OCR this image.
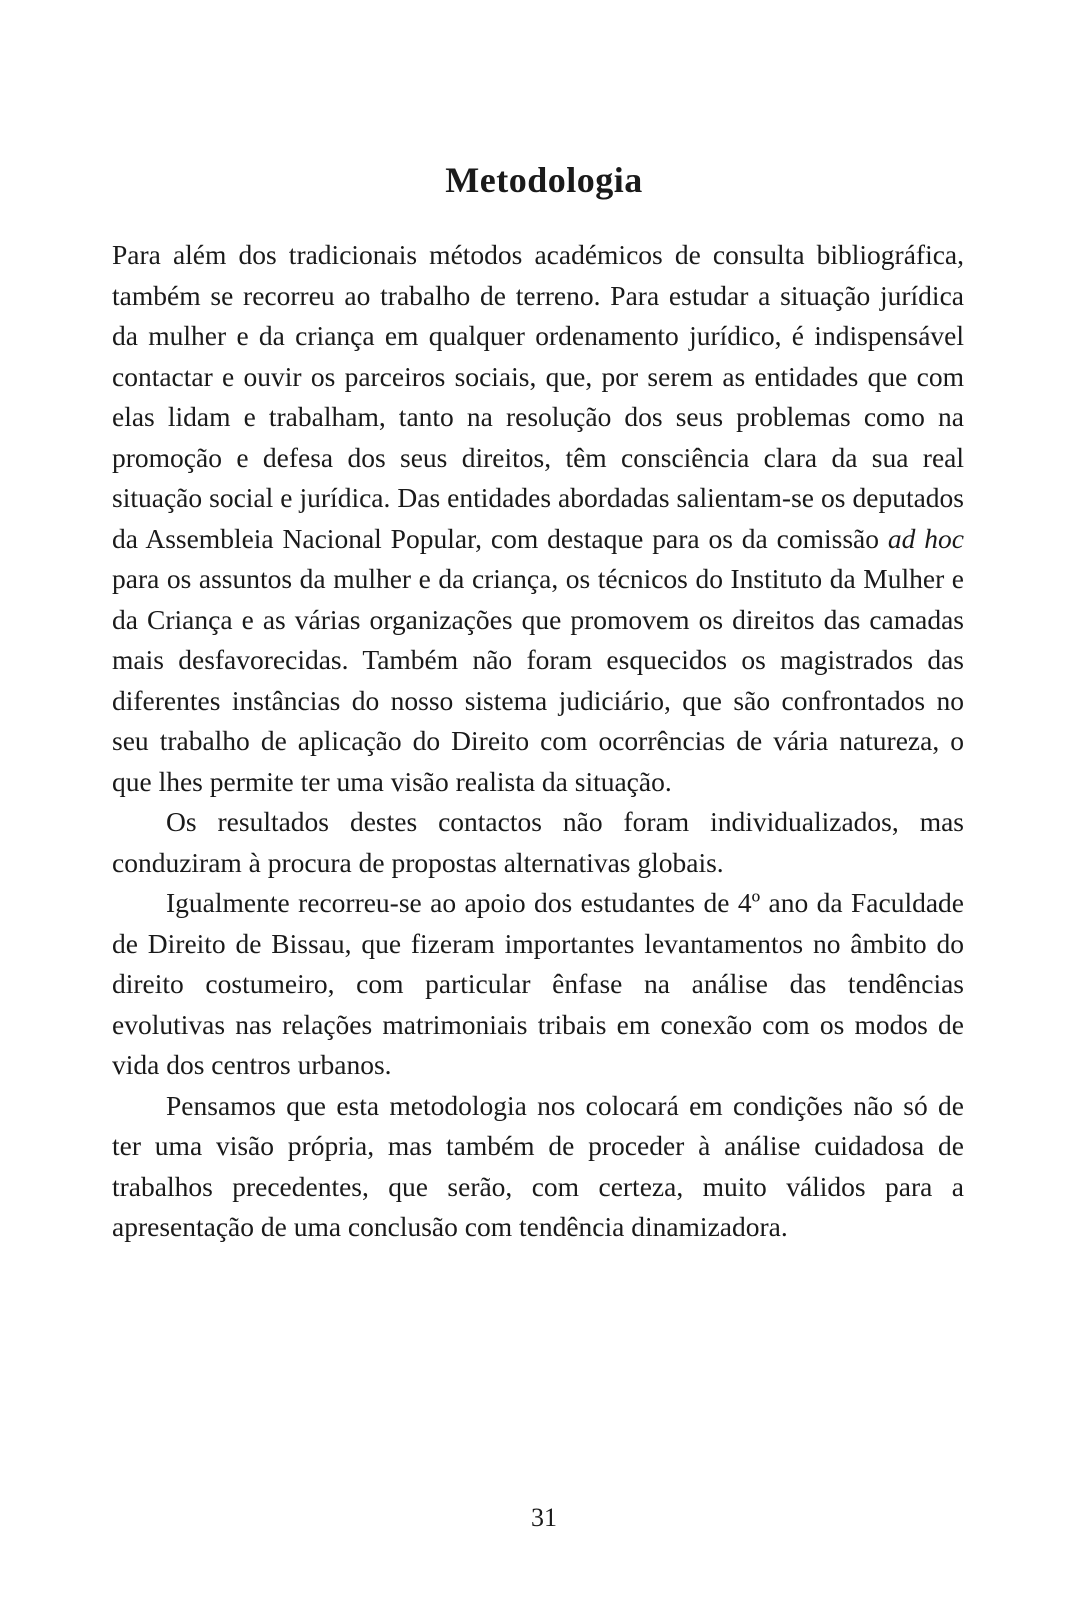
Metodologia

Para além dos tradicionais métodos académicos de consulta bibliográfica, também se recorreu ao trabalho de terreno. Para estudar a situação jurídica da mulher e da criança em qualquer ordenamento jurídico, é indispensável contactar e ouvir os parceiros sociais, que, por serem as entidades que com elas lidam e trabalham, tanto na resolução dos seus problemas como na promoção e defesa dos seus direitos, têm consciência clara da sua real situação social e jurídica. Das entidades abordadas salientam-se os deputados da Assembleia Nacional Popular, com destaque para os da comissão ad hoc para os assuntos da mulher e da criança, os técnicos do Instituto da Mulher e da Criança e as várias organizações que promovem os direitos das camadas mais desfavorecidas. Também não foram esquecidos os magistrados das diferentes instâncias do nosso sistema judiciário, que são confrontados no seu trabalho de aplicação do Direito com ocorrências de vária natureza, o que lhes permite ter uma visão realista da situação.

Os resultados destes contactos não foram individualizados, mas conduziram à procura de propostas alternativas globais.

Igualmente recorreu-se ao apoio dos estudantes de 4º ano da Faculdade de Direito de Bissau, que fizeram importantes levantamentos no âmbito do direito costumeiro, com particular ênfase na análise das tendências evolutivas nas relações matrimoniais tribais em conexão com os modos de vida dos centros urbanos.

Pensamos que esta metodologia nos colocará em condições não só de ter uma visão própria, mas também de proceder à análise cuidadosa de trabalhos precedentes, que serão, com certeza, muito válidos para a apresentação de uma conclusão com tendência dinamizadora.

31
